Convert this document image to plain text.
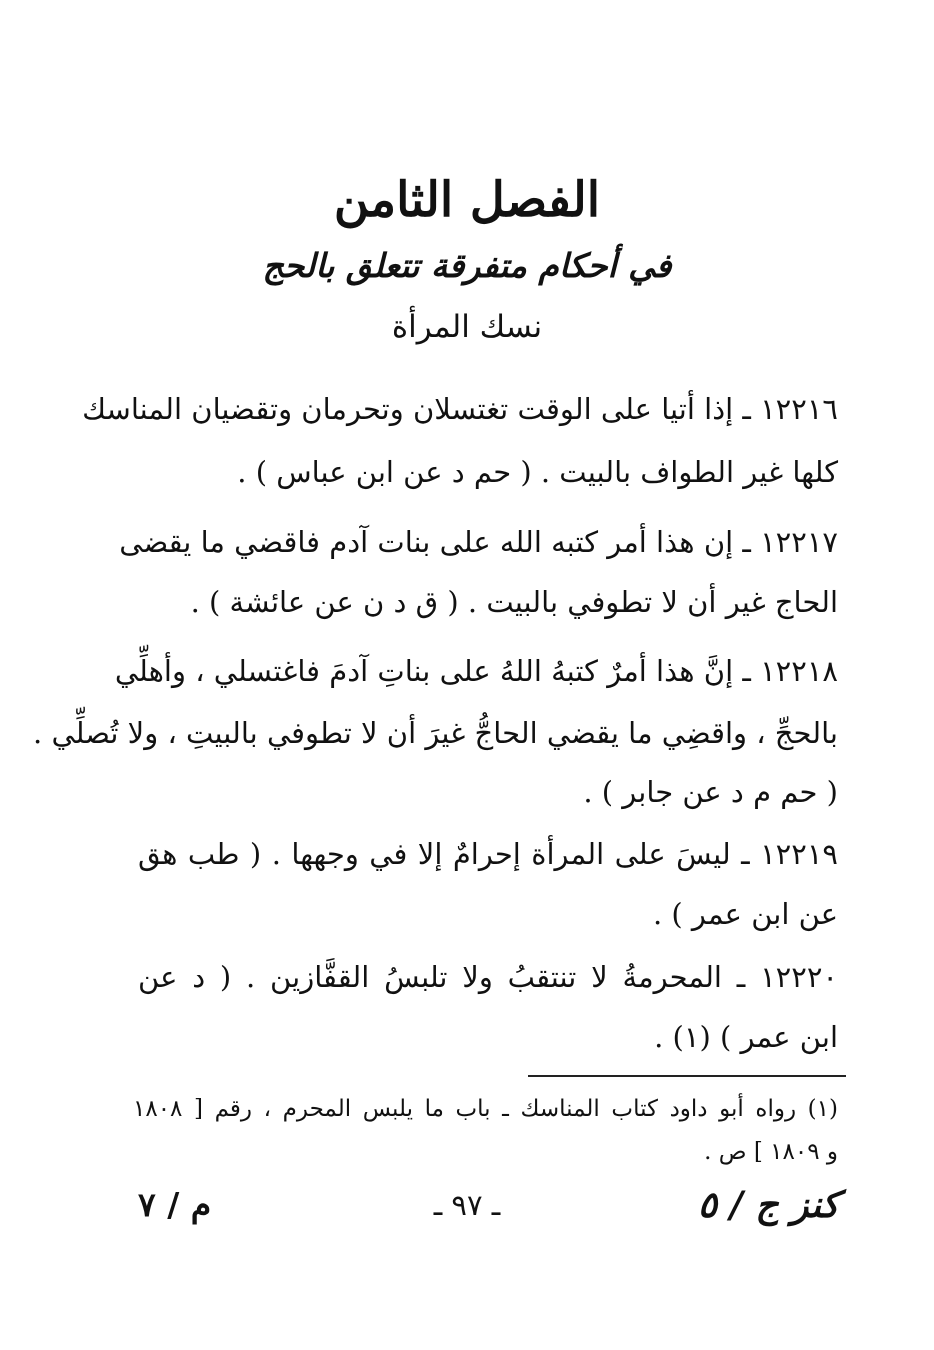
الفصل الثامن
في أحكام متفرقة تتعلق بالحج
نسك المرأة
١٢٢١٦ ـ إذا أتيا على الوقت تغتسلان وتحرمان وتقضيان المناسك
كلها غير الطواف بالبيت . ( حم د عن ابن عباس ) .
١٢٢١٧ ـ إن هذا أمر كتبه الله على بنات آدم فاقضي ما يقضى
الحاج غير أن لا تطوفي بالبيت . ( ق د ن عن عائشة ) .
١٢٢١٨ ـ إنَّ هذا أمرٌ كتبهُ اللهُ على بناتِ آدمَ فاغتسلي ، وأهلِّي
بالحجِّ ، واقضِي ما يقضي الحاجُّ غيرَ أن لا تطوفي بالبيتِ ، ولا تُصلِّي .
( حم م د عن جابر ) .
١٢٢١٩ ـ ليسَ على المرأة إحرامٌ إلا في وجهها . ( طب هق
عن ابن عمر ) .
١٢٢٢٠ ـ المحرمةُ لا تنتقبُ ولا تلبسُ القفَّازين . ( د عن
ابن عمر ) (١) .
(١) رواه أبو داود كتاب المناسك ـ باب ما يلبس المحرم ، رقم [ ١٨٠٨
و ١٨٠٩ ] ص .
م / ٧	ـ ٩٧ ـ	كنز ج / ٥
